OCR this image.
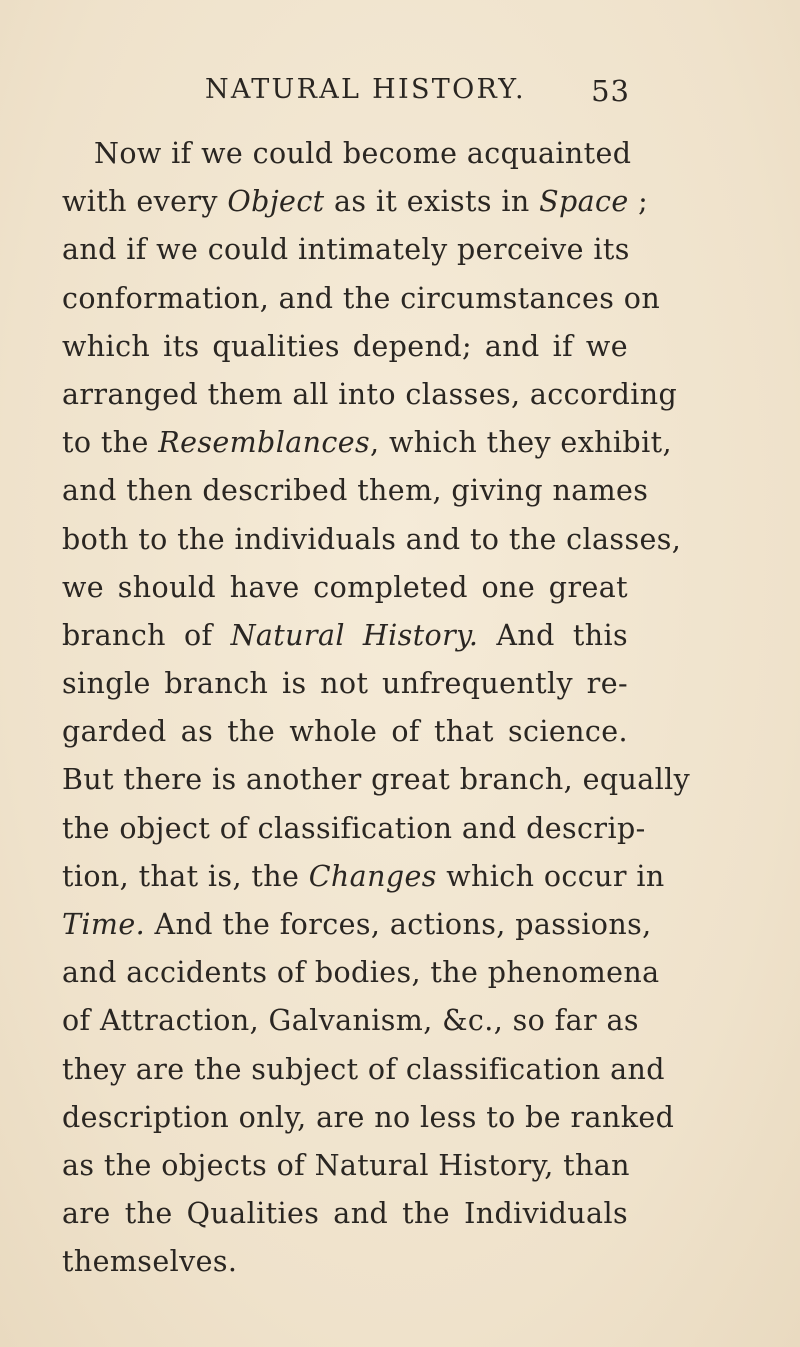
NATURAL HISTORY. 53
Now if we could become acquainted
with every Object as it exists in Space ;
and if we could intimately perceive its
conformation, and the circumstances on
which its qualities depend; and if we
arranged them all into classes, according
to the Resemblances, which they exhibit,
and then described them, giving names
both to the individuals and to the classes,
we should have completed one great
branch of Natural History. And this
single branch is not unfrequently re-
garded as the whole of that science.
But there is another great branch, equally
the object of classification and descrip-
tion, that is, the Changes which occur in
Time. And the forces, actions, passions,
and accidents of bodies, the phenomena
of Attraction, Galvanism, &c., so far as
they are the subject of classification and
description only, are no less to be ranked
as the objects of Natural History, than
are the Qualities and the Individuals
themselves.
